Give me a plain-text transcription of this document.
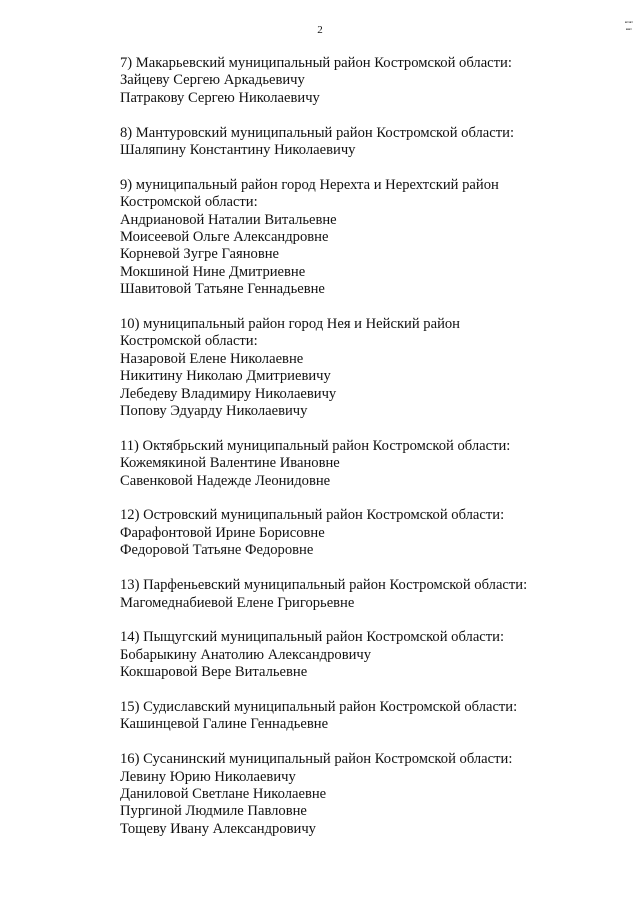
2
▪▫▪▫▪▪▫
7) Макарьевский муниципальный район Костромской области:
Зайцеву Сергею Аркадьевичу
Патракову Сергею Николаевичу
8) Мантуровский муниципальный район Костромской области:
Шаляпину Константину Николаевичу
9) муниципальный район город Нерехта и Нерехтский район
Костромской области:
Андриановой Наталии Витальевне
Моисеевой Ольге Александровне
Корневой Зугре Гаяновне
Мокшиной Нине Дмитриевне
Шавитовой Татьяне Геннадьевне
10) муниципальный район город Нея и Нейский район
Костромской области:
Назаровой Елене Николаевне
Никитину Николаю Дмитриевичу
Лебедеву Владимиру Николаевичу
Попову Эдуарду Николаевичу
11) Октябрьский муниципальный район Костромской области:
Кожемякиной Валентине Ивановне
Савенковой Надежде Леонидовне
12) Островский муниципальный район Костромской области:
Фарафонтовой Ирине Борисовне
Федоровой Татьяне Федоровне
13) Парфеньевский муниципальный район Костромской области:
Магомеднабиевой Елене Григорьевне
14) Пыщугский муниципальный район Костромской области:
Бобарыкину Анатолию Александровичу
Кокшаровой Вере Витальевне
15) Судиславский муниципальный район Костромской области:
Кашинцевой Галине Геннадьевне
16) Сусанинский муниципальный район Костромской области:
Левину Юрию Николаевичу
Даниловой Светлане Николаевне
Пургиной Людмиле Павловне
Тощеву Ивану Александровичу
